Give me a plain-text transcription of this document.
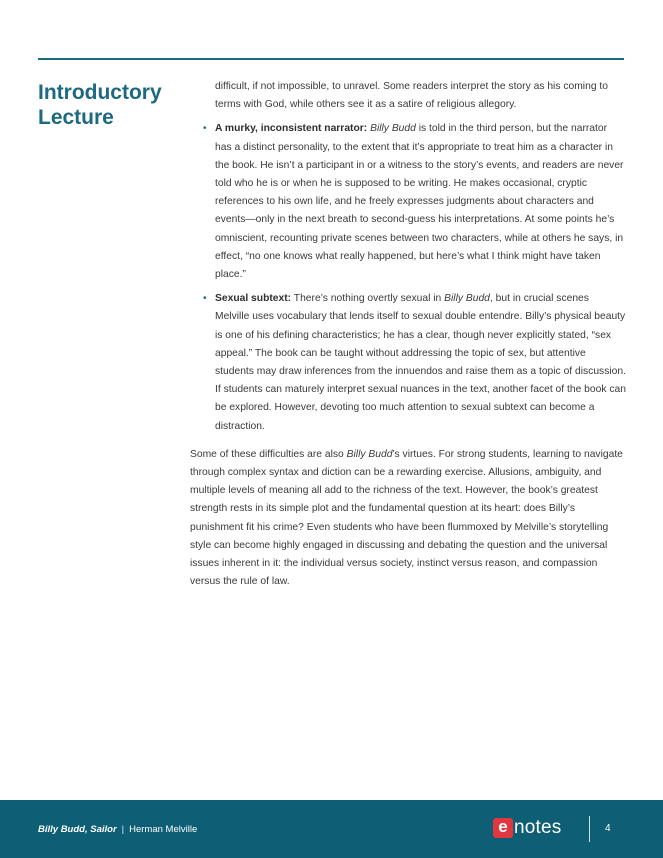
Introductory
Lecture

difficult, if not impossible, to unravel. Some readers interpret the story as his coming to terms with God, while others see it as a satire of religious allegory.

• A murky, inconsistent narrator: Billy Budd is told in the third person, but the narrator has a distinct personality, to the extent that it’s appropriate to treat him as a character in the book. He isn’t a participant in or a witness to the story’s events, and readers are never told who he is or when he is supposed to be writing. He makes occasional, cryptic references to his own life, and he freely expresses judgments about characters and events—only in the next breath to second-guess his interpretations. At some points he’s omniscient, recounting private scenes between two characters, while at others he says, in effect, “no one knows what really happened, but here’s what I think might have taken place.”
• Sexual subtext: There’s nothing overtly sexual in Billy Budd, but in crucial scenes Melville uses vocabulary that lends itself to sexual double entendre. Billy’s physical beauty is one of his defining characteristics; he has a clear, though never explicitly stated, “sex appeal.” The book can be taught without addressing the topic of sex, but attentive students may draw inferences from the innuendos and raise them as a topic of discussion. If students can maturely interpret sexual nuances in the text, another facet of the book can be explored. However, devoting too much attention to sexual subtext can become a distraction.

Some of these difficulties are also Billy Budd’s virtues. For strong students, learning to navigate through complex syntax and diction can be a rewarding exercise. Allusions, ambiguity, and multiple levels of meaning all add to the richness of the text. However, the book’s greatest strength rests in its simple plot and the fundamental question at its heart: does Billy’s punishment fit his crime? Even students who have been flummoxed by Melville’s storytelling style can become highly engaged in discussing and debating the question and the universal issues inherent in it: the individual versus society, instinct versus reason, and compassion versus the rule of law.

Billy Budd, Sailor | Herman Melville	e notes	4
